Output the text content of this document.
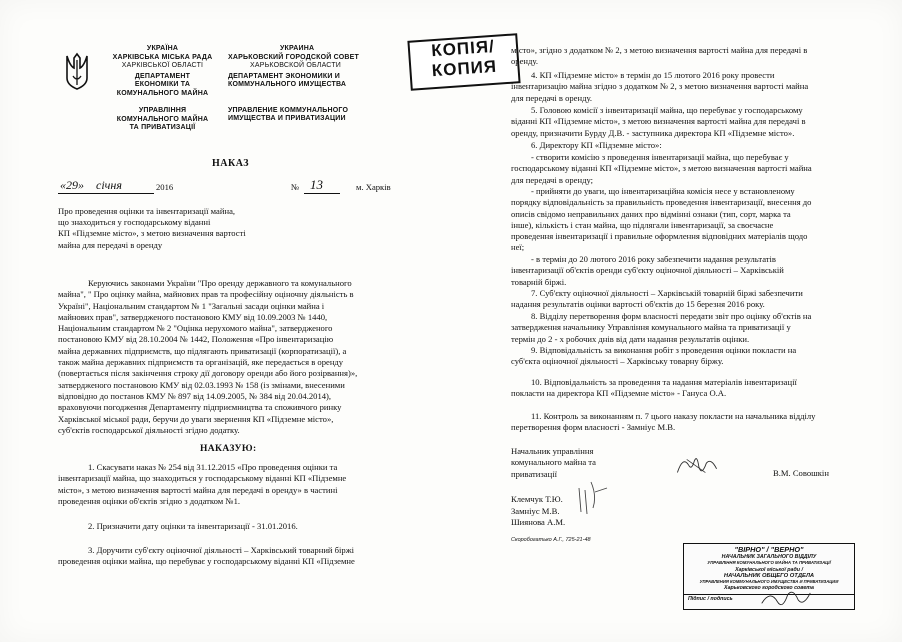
УКРАЇНА
ХАРКІВСЬКА МІСЬКА РАДА
ХАРКІВСЬКОЇ ОБЛАСТІ
ДЕПАРТАМЕНТ
ЕКОНОМІКИ ТА
КОМУНАЛЬНОГО МАЙНА
УПРАВЛІННЯ
КОМУНАЛЬНОГО МАЙНА
ТА ПРИВАТИЗАЦІЇ
УКРАИНА
ХАРЬКОВСКИЙ ГОРОДСКОЙ СОВЕТ
ХАРЬКОВСКОЙ ОБЛАСТИ
ДЕПАРТАМЕНТ ЭКОНОМИКИ И
КОММУНАЛЬНОГО ИМУЩЕСТВА
УПРАВЛЕНИЕ КОММУНАЛЬНОГО
ИМУЩЕСТВА И ПРИВАТИЗАЦИИ
КОПІЯ/
КОПИЯ
НАКАЗ
«29» січня	2016	№ 13	м. Харків
Про проведення оцінки та інвентаризації майна,
що знаходиться у господарському віданні
КП «Підземне місто», з метою визначення вартості
майна для передачі в оренду
Керуючись законами України "Про оренду державного та комунального
майна", " Про оцінку майна, майнових прав та професійну оціночну діяльність в
Україні", Національним стандартом № 1 "Загальні засади оцінки майна і
майнових прав", затвердженого постановою КМУ від 10.09.2003 № 1440,
Національним стандартом № 2 "Оцінка нерухомого майна", затвердженого
постановою КМУ від 28.10.2004 № 1442, Положення «Про інвентаризацію
майна державних підприємств, що підлягають приватизації (корпоратизації), а
також майна державних підприємств та організацій, яке передається в оренду
(повертається після закінчення строку дії договору оренди або його розірвання)»,
затвердженого постановою КМУ від 02.03.1993 № 158 (із змінами, внесеними
відповідно до постанов КМУ № 897 від 14.09.2005, № 384 від 20.04.2014),
враховуючи погодження Департаменту підприємництва та споживчого ринку
Харківської міської ради, беручи до уваги звернення КП «Підземне місто»,
суб'єктів господарської діяльності згідно додатку.
НАКАЗУЮ:
1. Скасувати наказ № 254 від 31.12.2015 «Про проведення оцінки та
інвентаризації майна, що знаходиться у господарському віданні КП «Підземне
місто», з метою визначення вартості майна для передачі в оренду» в частині
проведення оцінки об'єктів згідно з додатком №1.
2. Призначити дату оцінки та інвентаризації - 31.01.2016.
3. Доручити суб'єкту оціночної діяльності – Харківський товарний біржі
проведення оцінки майна, що перебуває у господарському віданні КП «Підземне
місто», згідно з додатком № 2, з метою визначення вартості майна для передачі в
оренду.
4. КП «Підземне місто» в термін до 15 лютого 2016 року провести
інвентаризацію майна згідно з додатком № 2, з метою визначення вартості майна
для передачі в оренду.
5. Головою комісії з інвентаризації майна, що перебуває у господарському
віданні КП «Підземне місто», з метою визначення вартості майна для передачі в
оренду, призначити Бурду Д.В. - заступника директора КП «Підземне місто».
6. Директору КП «Підземне місто»:
- створити комісію з проведення інвентаризації майна, що перебуває у
господарському віданні КП «Підземне місто», з метою визначення вартості майна
для передачі в оренду;
- прийняти до уваги, що інвентаризаційна комісія несе у встановленому
порядку відповідальність за правильність проведення інвентаризації, внесення до
описів свідомо неправильних даних про відмінні ознаки (тип, сорт, марка та
інше), кількість і стан майна, що підлягали інвентаризації, за своєчасне
проведення інвентаризації і правильне оформлення відповідних матеріалів щодо
неї;
- в термін до 20 лютого 2016 року забезпечити надання результатів
інвентаризації об'єктів оренди суб'єкту оціночної діяльності – Харківській
товарній біржі.
7. Суб'єкту оціночної діяльності – Харківській товарній біржі забезпечити
надання результатів оцінки вартості об'єктів до 15 березня 2016 року.
8. Відділу перетворення форм власності передати звіт про оцінку об'єктів на
затвердження начальнику Управління комунального майна та приватизації у
термін до 2 - х робочих днів від дати надання результатів оцінки.
9. Відповідальність за виконання робіт з проведення оцінки покласти на
суб'єкта оціночної діяльності – Харківську товарну біржу.
10. Відповідальність за проведення та надання матеріалів інвентаризації
покласти на директора КП «Підземне місто» - Гануса О.А.
11. Контроль за виконанням п. 7 цього наказу покласти на начальника відділу
перетворення форм власності - Замніус М.В.
Начальник управління
комунального майна та
приватизації	В.М. Совошкін
Клемчук Т.Ю.
Замніус М.В.
Шиянова А.М.
Скоробогатько А.Г., 725-21-48
"ВІРНО" / "ВЕРНО"
НАЧАЛЬНИК ЗАГАЛЬНОГО ВІДДІЛУ
УПРАВЛІННЯ КОМУНАЛЬНОГО МАЙНА ТА ПРИВАТИЗАЦІЇ
Харківської міської ради /
НАЧАЛЬНИК ОБЩЕГО ОТДЕЛА
УПРАВЛЕНИЯ КОММУНАЛЬНОГО ИМУЩЕСТВА И ПРИВАТИЗАЦИИ
Харьковского городского совета
Підпис / подпись
